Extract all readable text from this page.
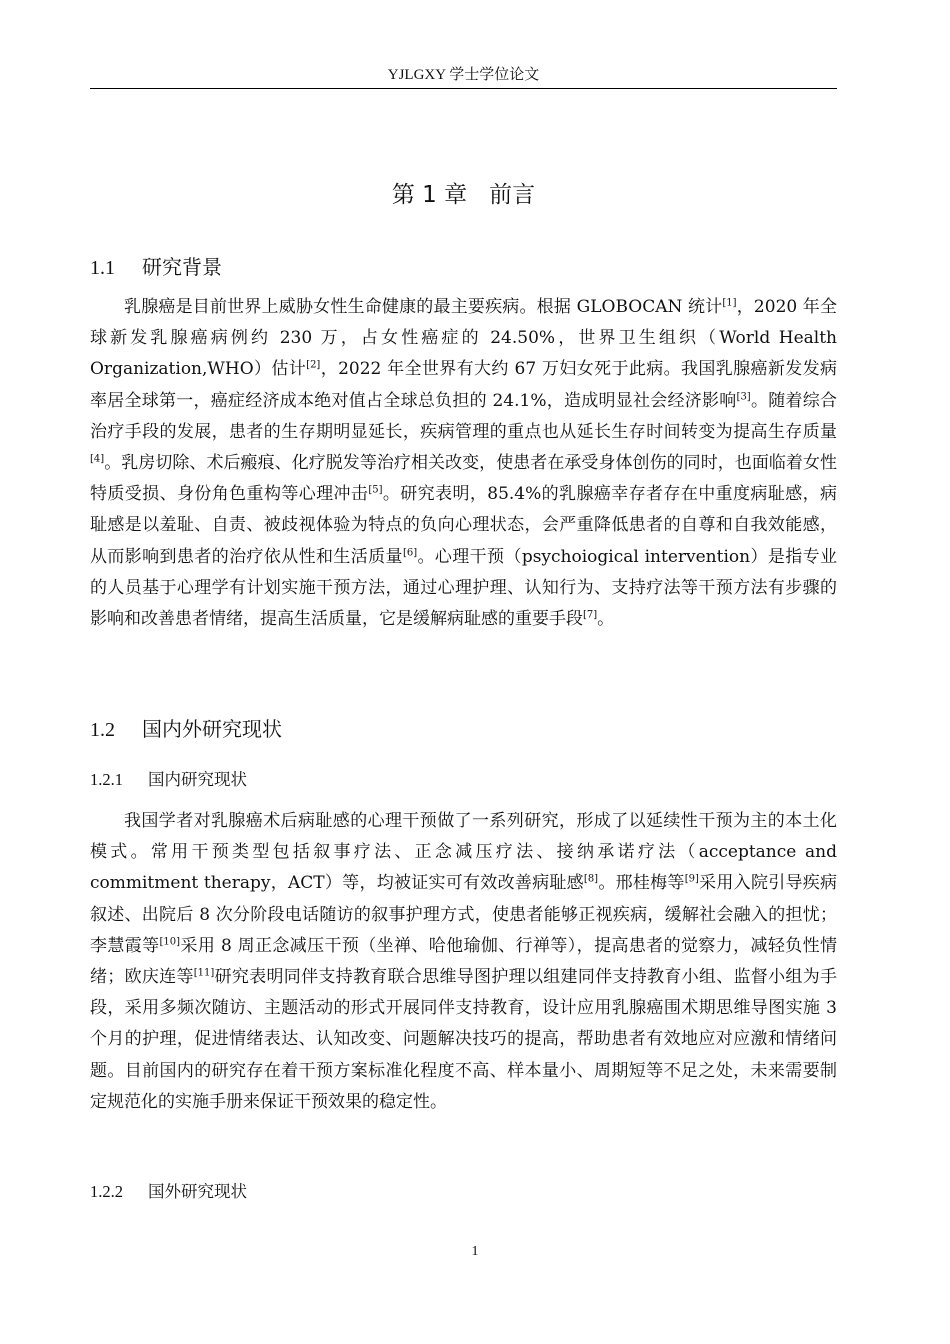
YJLGXY 学士学位论文
第 1 章 前言
1.1 研究背景

乳腺癌是目前世界上威胁女性生命健康的最主要疾病。根据 GLOBOCAN 统计[1]，2020 年全球新发乳腺癌病例约 230 万，占女性癌症的 24.50%，世界卫生组织（World Health Organization,WHO）估计[2]，2022 年全世界有大约 67 万妇女死于此病。我国乳腺癌新发发病率居全球第一，癌症经济成本绝对值占全球总负担的 24.1%，造成明显社会经济影响[3]。随着综合治疗手段的发展，患者的生存期明显延长，疾病管理的重点也从延长生存时间转变为提高生存质量[4]。乳房切除、术后瘢痕、化疗脱发等治疗相关改变，使患者在承受身体创伤的同时，也面临着女性特质受损、身份角色重构等心理冲击[5]。研究表明，85.4%的乳腺癌幸存者存在中重度病耻感，病耻感是以羞耻、自责、被歧视体验为特点的负向心理状态，会严重降低患者的自尊和自我效能感，从而影响到患者的治疗依从性和生活质量[6]。心理干预（psychoiogical intervention）是指专业的人员基于心理学有计划实施干预方法，通过心理护理、认知行为、支持疗法等干预方法有步骤的影响和改善患者情绪，提高生活质量，它是缓解病耻感的重要手段[7]。

1.2 国内外研究现状
1.2.1 国内研究现状

我国学者对乳腺癌术后病耻感的心理干预做了一系列研究，形成了以延续性干预为主的本土化模式。常用干预类型包括叙事疗法、正念减压疗法、接纳承诺疗法（acceptance and commitment therapy，ACT）等，均被证实可有效改善病耻感[8]。邢桂梅等[9]采用入院引导疾病叙述、出院后 8 次分阶段电话随访的叙事护理方式，使患者能够正视疾病，缓解社会融入的担忧；李慧霞等[10]采用 8 周正念减压干预（坐禅、哈他瑜伽、行禅等），提高患者的觉察力，减轻负性情绪；欧庆连等[11]研究表明同伴支持教育联合思维导图护理以组建同伴支持教育小组、监督小组为手段，采用多频次随访、主题活动的形式开展同伴支持教育，设计应用乳腺癌围术期思维导图实施 3 个月的护理，促进情绪表达、认知改变、问题解决技巧的提高，帮助患者有效地应对应激和情绪问题。目前国内的研究存在着干预方案标准化程度不高、样本量小、周期短等不足之处，未来需要制定规范化的实施手册来保证干预效果的稳定性。

1.2.2 国外研究现状
1
